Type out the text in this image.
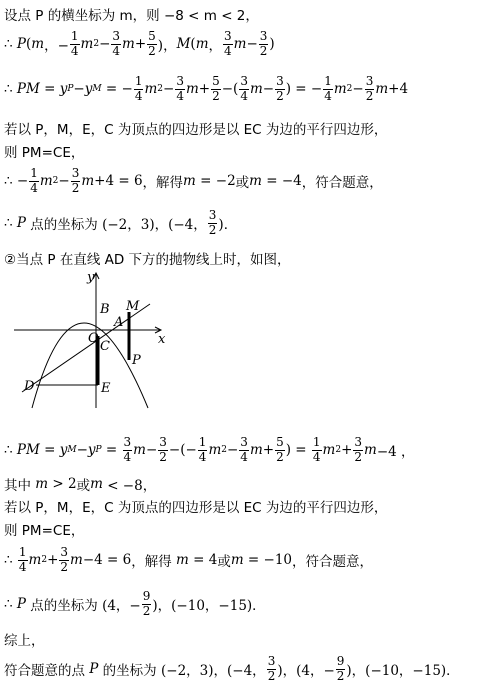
设点 P 的横坐标为 m，则 −8 < m < 2，
∴ P ( m ，− $\frac{1}{4}$ m $2 - \frac{3}{4}$ $m + \frac{5}{2}$ )， M ( m ， $\frac{3}{4}$ $m - \frac{3}{2}$ )
∴ PM = y P − y M = − $\frac{1}{4}$ m $2 - \frac{3}{4}$ $m + \frac{5}{2}$ −( $\frac{3}{4}$ $m - \frac{3}{2}$ ) = − $\frac{1}{4}$ m $2 - \frac{3}{2}$ m +4
若以 P，M，E，C 为顶点的四边形是以 EC 为边的平行四边形，
则 PM=CE，
∴ − $\frac{1}{4}$ m $2 - \frac{3}{2}$ m +4 = 6 ，解得 m = −2 或 m = −4 ，符合题意，
∴ P 点的坐标为 (−2，3)，(−4， $\frac{3}{2}$ )．
②当点 P 在直线 AD 下方的抛物线上时，如图，
y
x
B M
A
O
C
P
D	E
∴ PM = y M − y $P = \frac{3}{4}$ $m - \frac{3}{2}$ −(− $\frac{1}{4}$ m $2 - \frac{3}{4}$ $m + \frac{5}{2}$ ) = $\frac{1}{4}$ m $2 + \frac{3}{2}$ m −4 ，
其中 m > 2 或 m < −8，
若以 P，M，E，C 为顶点的四边形是以 EC 为边的平行四边形，
则 PM=CE，
∴ $\frac{1}{4}$ m $2 + \frac{3}{2}$ m −4 = 6 ，解得 m = 4 或 m = −10 ，符合题意，
∴ P 点的坐标为 (4，− $\frac{9}{2}$ )，(−10，−15)．
综上，
符合题意的点 P 的坐标为 (−2，3)，(−4， $\frac{3}{2}$ )，(4，− $\frac{9}{2}$ )，(−10，−15)．
